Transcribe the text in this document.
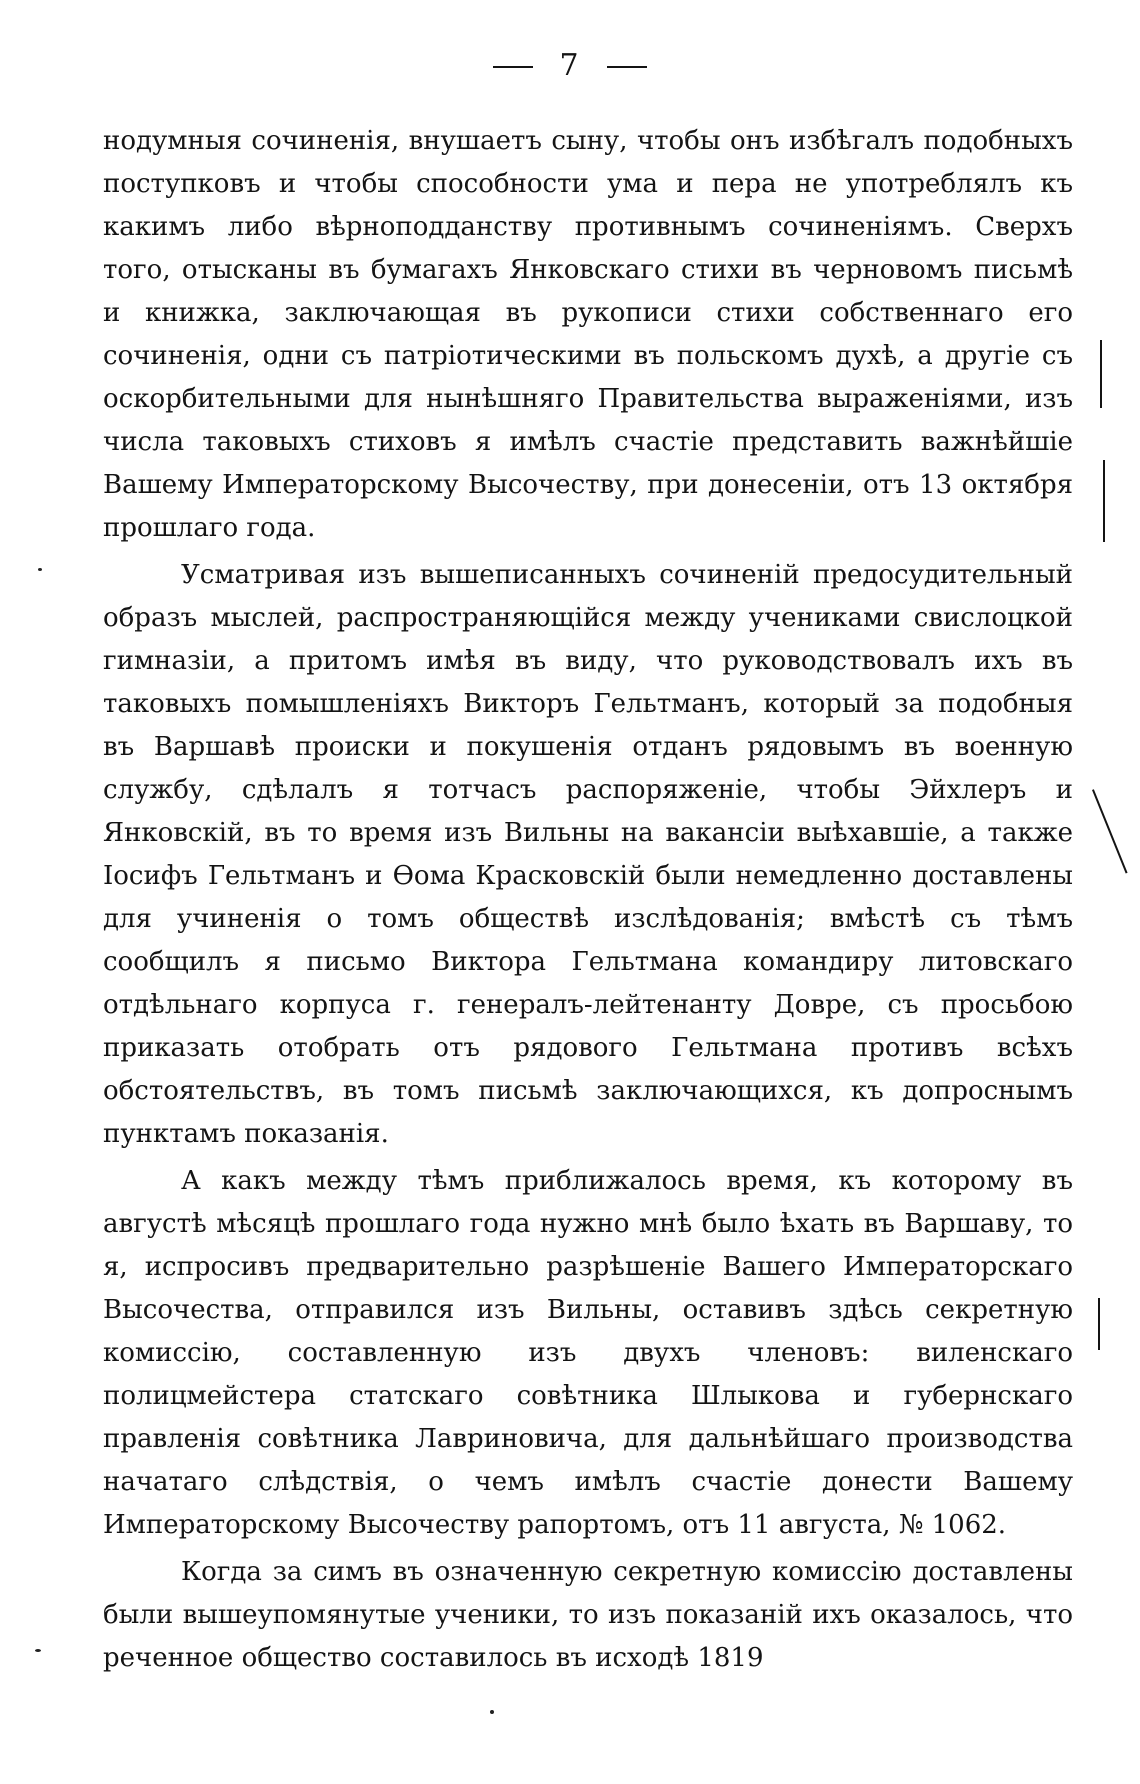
7

нодумныя сочиненія, внушаетъ сыну, чтобы онъ избѣгалъ подобныхъ поступковъ и чтобы способности ума и пера не употреблялъ къ какимъ либо вѣрноподданству противнымъ сочиненіямъ. Сверхъ того, отысканы въ бумагахъ Янковскаго стихи въ черновомъ письмѣ и книжка, заключающая въ рукописи стихи собственнаго его сочиненія, одни съ патріотическими въ польскомъ духѣ, а другіе съ оскорбительными для нынѣшняго Правительства выраженіями, изъ числа таковыхъ стиховъ я имѣлъ счастіе представить важнѣйшіе Вашему Императорскому Высочеству, при донесеніи, отъ 13 октября прошлаго года.

Усматривая изъ вышеписанныхъ сочиненій предосудительный образъ мыслей, распространяющійся между учениками свислоцкой гимназіи, а притомъ имѣя въ виду, что руководствовалъ ихъ въ таковыхъ помышленіяхъ Викторъ Гельтманъ, который за подобныя въ Варшавѣ происки и покушенія отданъ рядовымъ въ военную службу, сдѣлалъ я тотчасъ распоряженіе, чтобы Эйхлеръ и Янковскій, въ то время изъ Вильны на вакансіи выѣхавшіе, а также Іосифъ Гельтманъ и Ѳома Красковскій были немедленно доставлены для учиненія о томъ обществѣ изслѣдованія; вмѣстѣ съ тѣмъ сообщилъ я письмо Виктора Гельтмана командиру литовскаго отдѣльнаго корпуса г. генералъ-лейтенанту Довре, съ просьбою приказать отобрать отъ рядового Гельтмана противъ всѣхъ обстоятельствъ, въ томъ письмѣ заключающихся, къ допроснымъ пунктамъ показанія.

А какъ между тѣмъ приближалось время, къ которому въ августѣ мѣсяцѣ прошлаго года нужно мнѣ было ѣхать въ Варшаву, то я, испросивъ предварительно разрѣшеніе Вашего Императорскаго Высочества, отправился изъ Вильны, оставивъ здѣсь секретную комиссію, составленную изъ двухъ членовъ: виленскаго полицмейстера статскаго совѣтника Шлыкова и губернскаго правленія совѣтника Лавриновича, для дальнѣйшаго производства начатаго слѣдствія, о чемъ имѣлъ счастіе донести Вашему Императорскому Высочеству рапортомъ, отъ 11 августа, № 1062.

Когда за симъ въ означенную секретную комиссію доставлены были вышеупомянутые ученики, то изъ показаній ихъ оказалось, что реченное общество составилось въ исходѣ 1819
